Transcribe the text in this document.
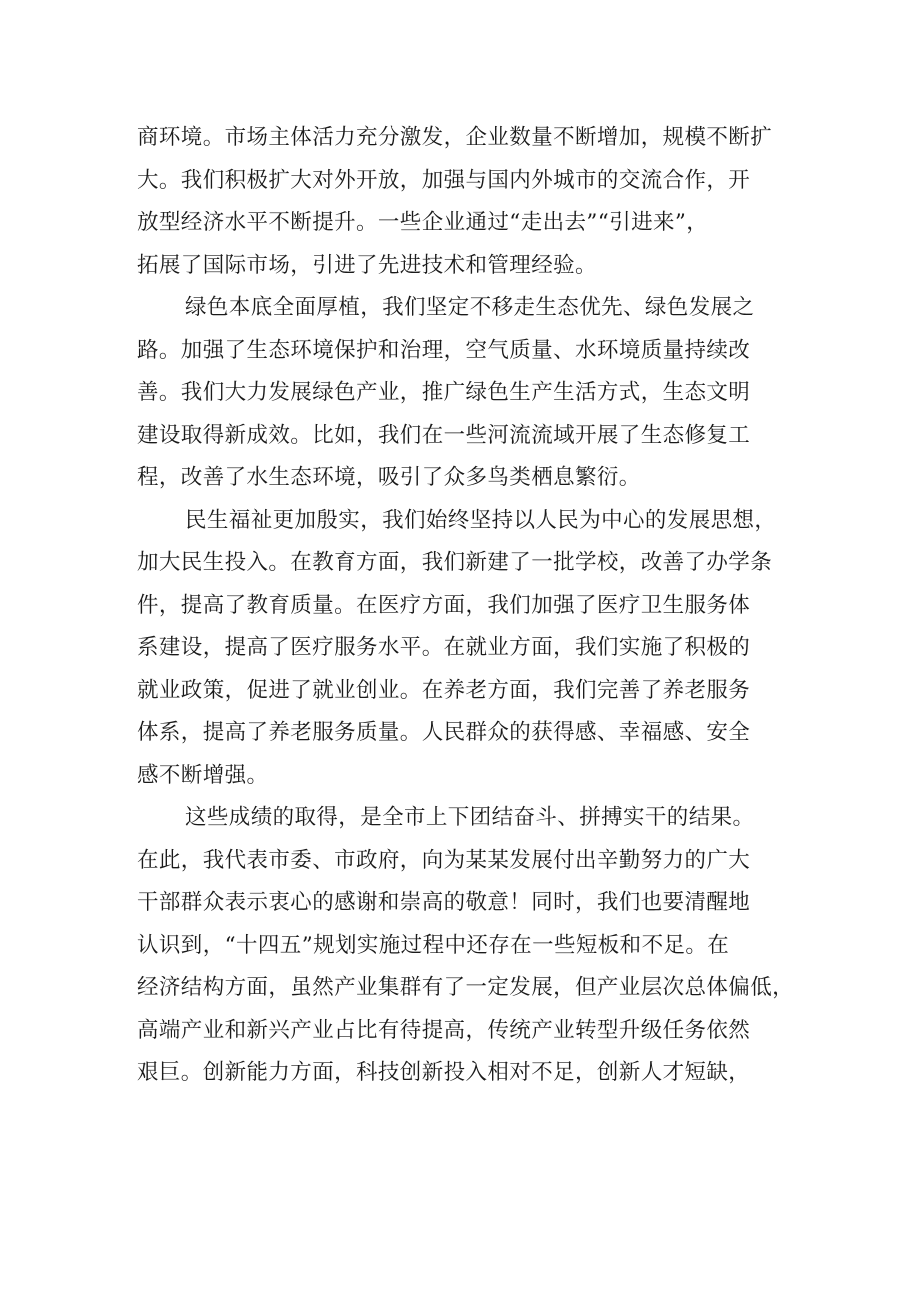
商环境。市场主体活力充分激发，企业数量不断增加，规模不断扩
大。我们积极扩大对外开放，加强与国内外城市的交流合作，开
放型经济水平不断提升。一些企业通过“走出去”“引进来”，
拓展了国际市场，引进了先进技术和管理经验。
绿色本底全面厚植，我们坚定不移走生态优先、绿色发展之
路。加强了生态环境保护和治理，空气质量、水环境质量持续改
善。我们大力发展绿色产业，推广绿色生产生活方式，生态文明
建设取得新成效。比如，我们在一些河流流域开展了生态修复工
程，改善了水生态环境，吸引了众多鸟类栖息繁衍。
民生福祉更加殷实，我们始终坚持以人民为中心的发展思想，
加大民生投入。在教育方面，我们新建了一批学校，改善了办学条
件，提高了教育质量。在医疗方面，我们加强了医疗卫生服务体
系建设，提高了医疗服务水平。在就业方面，我们实施了积极的
就业政策，促进了就业创业。在养老方面，我们完善了养老服务
体系，提高了养老服务质量。人民群众的获得感、幸福感、安全
感不断增强。
这些成绩的取得，是全市上下团结奋斗、拼搏实干的结果。
在此，我代表市委、市政府，向为某某发展付出辛勤努力的广大
干部群众表示衷心的感谢和崇高的敬意！同时，我们也要清醒地
认识到，“十四五”规划实施过程中还存在一些短板和不足。在
经济结构方面，虽然产业集群有了一定发展，但产业层次总体偏低，
高端产业和新兴产业占比有待提高，传统产业转型升级任务依然
艰巨。创新能力方面，科技创新投入相对不足，创新人才短缺，
